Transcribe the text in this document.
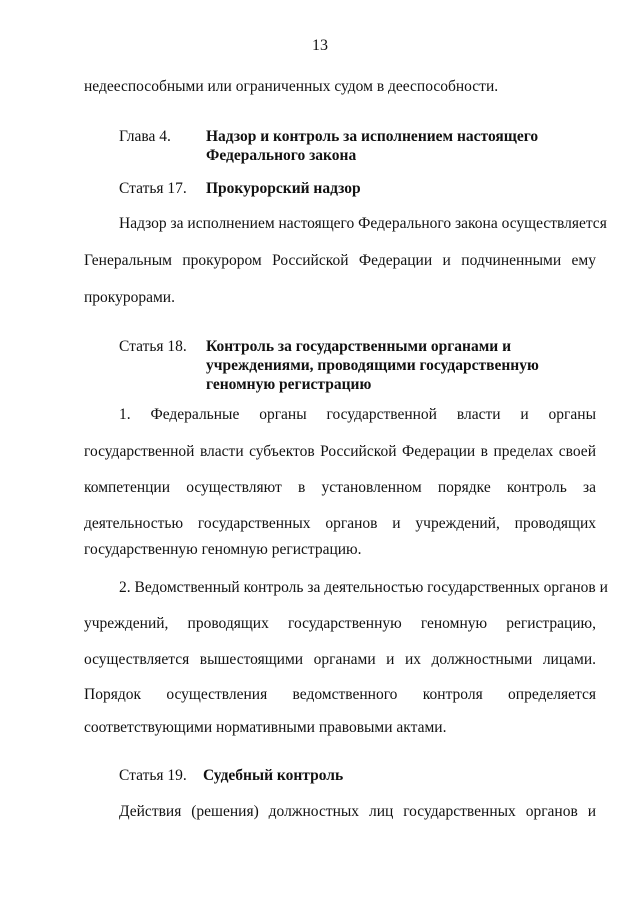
13
недееспособными или ограниченных судом в дееспособности.
Глава 4. Надзор и контроль за исполнением настоящего
Федерального закона
Статья 17. Прокурорский надзор
Надзор за исполнением настоящего Федерального закона осуществляется
Генеральным прокурором Российской Федерации и подчиненными ему
прокурорами.
Статья 18. Контроль за государственными органами и
учреждениями, проводящими государственную
геномную регистрацию
1. Федеральные органы государственной власти и органы
государственной власти субъектов Российской Федерации в пределах своей
компетенции осуществляют в установленном порядке контроль за
деятельностью государственных органов и учреждений, проводящих
государственную геномную регистрацию.
2. Ведомственный контроль за деятельностью государственных органов и
учреждений, проводящих государственную геномную регистрацию,
осуществляется вышестоящими органами и их должностными лицами.
Порядок осуществления ведомственного контроля определяется
соответствующими нормативными правовыми актами.
Статья 19. Судебный контроль
Действия (решения) должностных лиц государственных органов и
